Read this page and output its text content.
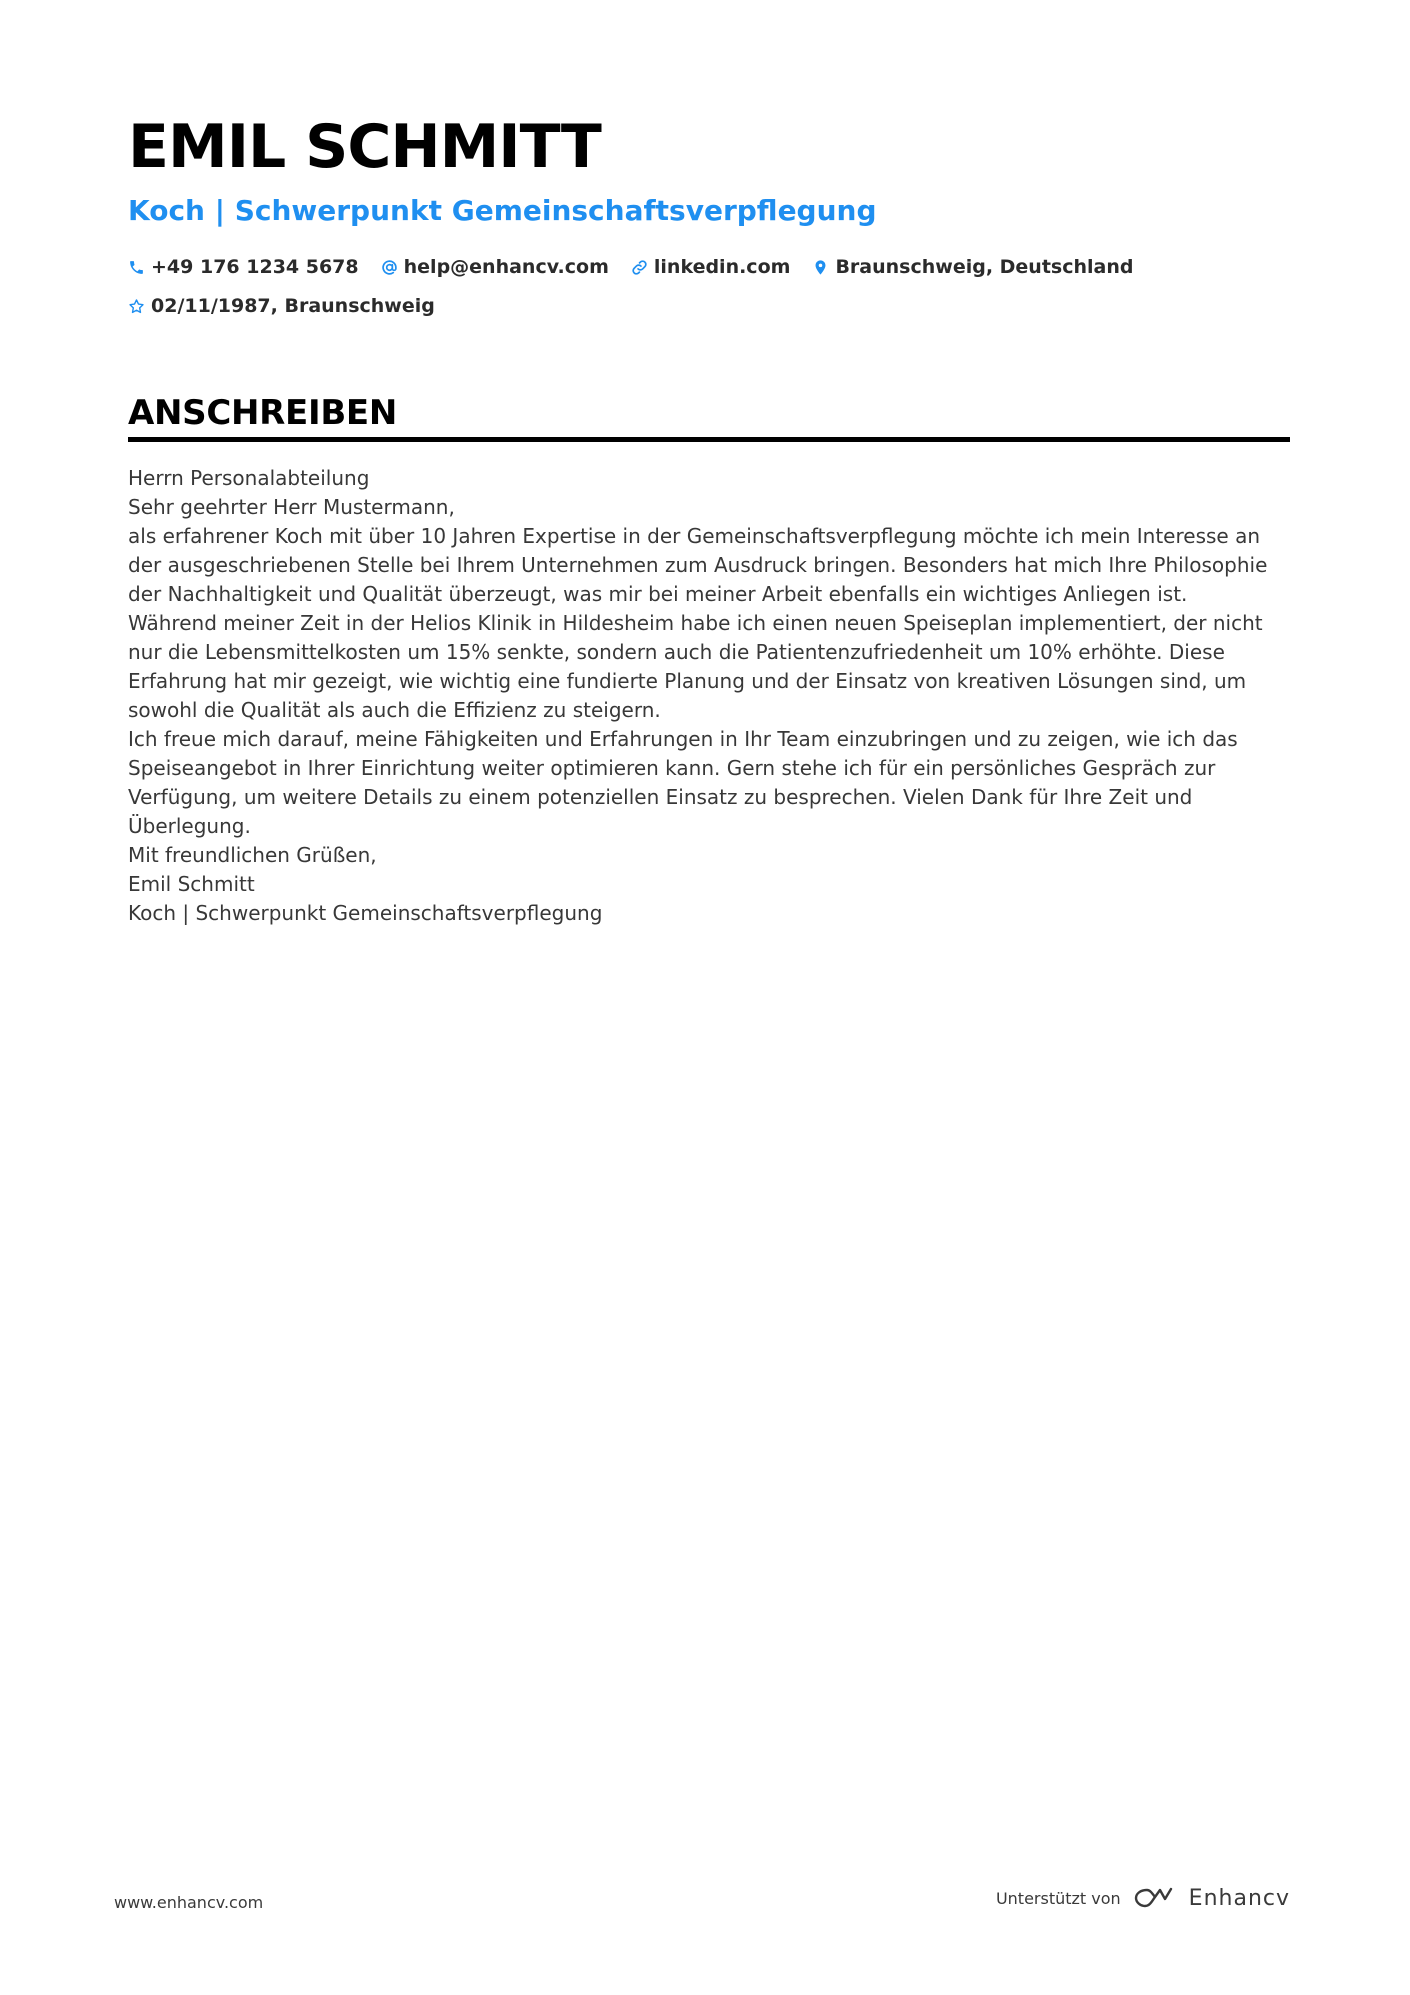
EMIL SCHMITT
Koch | Schwerpunkt Gemeinschaftsverpflegung
+49 176 1234 5678 help@enhancv.com linkedin.com Braunschweig, Deutschland
02/11/1987, Braunschweig
ANSCHREIBEN

Herrn Personalabteilung

Sehr geehrter Herr Mustermann,

als erfahrener Koch mit über 10 Jahren Expertise in der Gemeinschaftsverpflegung möchte ich mein Interesse an der ausgeschriebenen Stelle bei Ihrem Unternehmen zum Ausdruck bringen. Besonders hat mich Ihre Philosophie der Nachhaltigkeit und Qualität überzeugt, was mir bei meiner Arbeit ebenfalls ein wichtiges Anliegen ist.

Während meiner Zeit in der Helios Klinik in Hildesheim habe ich einen neuen Speiseplan implementiert, der nicht nur die Lebensmittelkosten um 15% senkte, sondern auch die Patientenzufriedenheit um 10% erhöhte. Diese Erfahrung hat mir gezeigt, wie wichtig eine fundierte Planung und der Einsatz von kreativen Lösungen sind, um sowohl die Qualität als auch die Effizienz zu steigern.

Ich freue mich darauf, meine Fähigkeiten und Erfahrungen in Ihr Team einzubringen und zu zeigen, wie ich das Speiseangebot in Ihrer Einrichtung weiter optimieren kann. Gern stehe ich für ein persönliches Gespräch zur Verfügung, um weitere Details zu einem potenziellen Einsatz zu besprechen. Vielen Dank für Ihre Zeit und Überlegung.

Mit freundlichen Grüßen,

Emil Schmitt

Koch | Schwerpunkt Gemeinschaftsverpflegung

www.enhancv.com	Unterstützt von	Enhancv
